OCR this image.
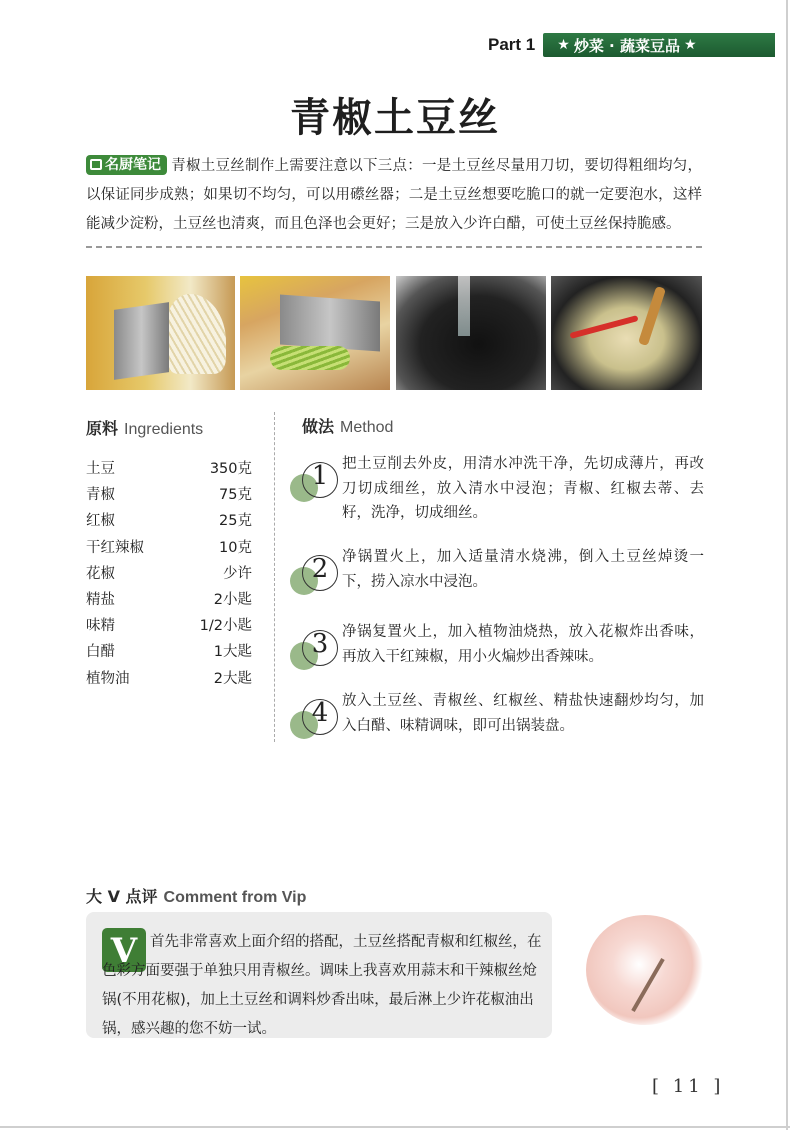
Part 1 ★ 炒菜 · 蔬菜豆品 ★
青椒土豆丝
名厨笔记 青椒土豆丝制作上需要注意以下三点：一是土豆丝尽量用刀切，要切得粗细均匀，以保证同步成熟；如果切不均匀，可以用礤丝器；二是土豆丝想要吃脆口的就一定要泡水，这样能减少淀粉，土豆丝也清爽，而且色泽也会更好；三是放入少许白醋，可使土豆丝保持脆感。
原料 Ingredients
土豆	350克
青椒	75克
红椒	25克
干红辣椒	10克
花椒	少许
精盐	2小匙
味精	1/2小匙
白醋	1大匙
植物油	2大匙
做法 Method
1 把土豆削去外皮，用清水冲洗干净，先切成薄片，再改刀切成细丝，放入清水中浸泡；青椒、红椒去蒂、去籽，洗净，切成细丝。
2 净锅置火上，加入适量清水烧沸，倒入土豆丝焯烫一下，捞入凉水中浸泡。
3 净锅复置火上，加入植物油烧热，放入花椒炸出香味，再放入干红辣椒，用小火煸炒出香辣味。
4 放入土豆丝、青椒丝、红椒丝、精盐快速翻炒均匀，加入白醋、味精调味，即可出锅装盘。
大 V 点评 Comment from Vip
V 首先非常喜欢上面介绍的搭配，土豆丝搭配青椒和红椒丝，在色彩方面要强于单独只用青椒丝。调味上我喜欢用蒜末和干辣椒丝炝锅(不用花椒)，加上土豆丝和调料炒香出味，最后淋上少许花椒油出锅，感兴趣的您不妨一试。
[ 11 ]
